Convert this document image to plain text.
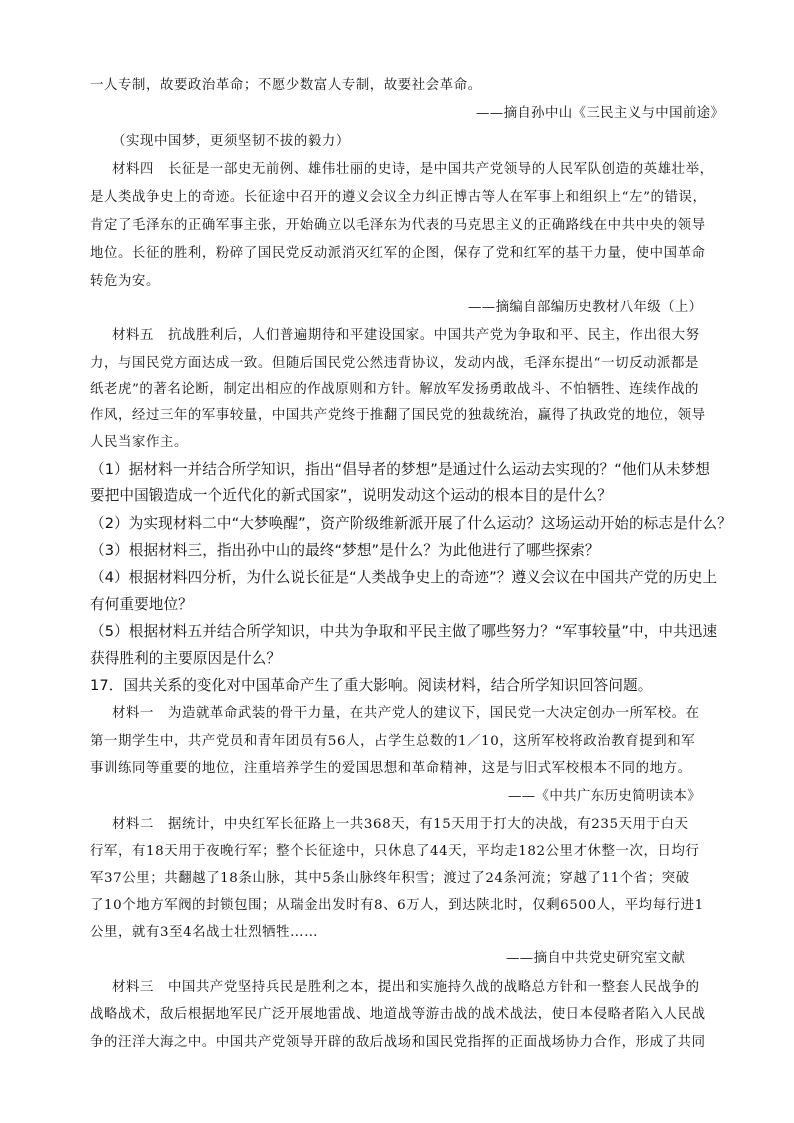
一人专制，故要政治革命；不愿少数富人专制，故要社会革命。
——摘自孙中山《三民主义与中国前途》
（实现中国梦，更须坚韧不拔的毅力）
材料四　长征是一部史无前例、雄伟壮丽的史诗，是中国共产党领导的人民军队创造的英雄壮举，
是人类战争史上的奇迹。长征途中召开的遵义会议全力纠正博古等人在军事上和组织上“左”的错误，
肯定了毛泽东的正确军事主张，开始确立以毛泽东为代表的马克思主义的正确路线在中共中央的领导
地位。长征的胜利，粉碎了国民党反动派消灭红军的企图，保存了党和红军的基干力量，使中国革命
转危为安。
——摘编自部编历史教材八年级（上）
材料五　抗战胜利后，人们普遍期待和平建设国家。中国共产党为争取和平、民主，作出很大努
力，与国民党方面达成一致。但随后国民党公然违背协议，发动内战，毛泽东提出“一切反动派都是
纸老虎”的著名论断，制定出相应的作战原则和方针。解放军发扬勇敢战斗、不怕牺牲、连续作战的
作风，经过三年的军事较量，中国共产党终于推翻了国民党的独裁统治，赢得了执政党的地位，领导
人民当家作主。
（1）据材料一并结合所学知识，指出“倡导者的梦想”是通过什么运动去实现的？“他们从未梦想
要把中国锻造成一个近代化的新式国家”，说明发动这个运动的根本目的是什么？
（2）为实现材料二中“大梦唤醒”，资产阶级维新派开展了什么运动？这场运动开始的标志是什么？
（3）根据材料三，指出孙中山的最终“梦想”是什么？为此他进行了哪些探索？
（4）根据材料四分析，为什么说长征是“人类战争史上的奇迹”？遵义会议在中国共产党的历史上
有何重要地位？
（5）根据材料五并结合所学知识，中共为争取和平民主做了哪些努力？“军事较量”中，中共迅速
获得胜利的主要原因是什么？
17．国共关系的变化对中国革命产生了重大影响。阅读材料，结合所学知识回答问题。
材料一　为造就革命武装的骨干力量，在共产党人的建议下，国民党一大决定创办一所军校。在
第一期学生中，共产党员和青年团员有56人，占学生总数的1／10，这所军校将政治教育提到和军
事训练同等重要的地位，注重培养学生的爱国思想和革命精神，这是与旧式军校根本不同的地方。
——《中共广东历史简明读本》
材料二　据统计，中央红军长征路上一共368天，有15天用于打大的决战，有235天用于白天
行军，有18天用于夜晚行军；整个长征途中，只休息了44天，平均走182公里才休整一次，日均行
军37公里；共翻越了18条山脉，其中5条山脉终年积雪；渡过了24条河流；穿越了11个省；突破
了10个地方军阀的封锁包围；从瑞金出发时有8、6万人，到达陕北时，仅剩6500人，平均每行进1
公里，就有3至4名战士壮烈牺牲……
——摘自中共党史研究室文献
材料三　中国共产党坚持兵民是胜利之本，提出和实施持久战的战略总方针和一整套人民战争的
战略战术，敌后根据地军民广泛开展地雷战、地道战等游击战的战术战法，使日本侵略者陷入人民战
争的汪洋大海之中。中国共产党领导开辟的敌后战场和国民党指挥的正面战场协力合作，形成了共同
